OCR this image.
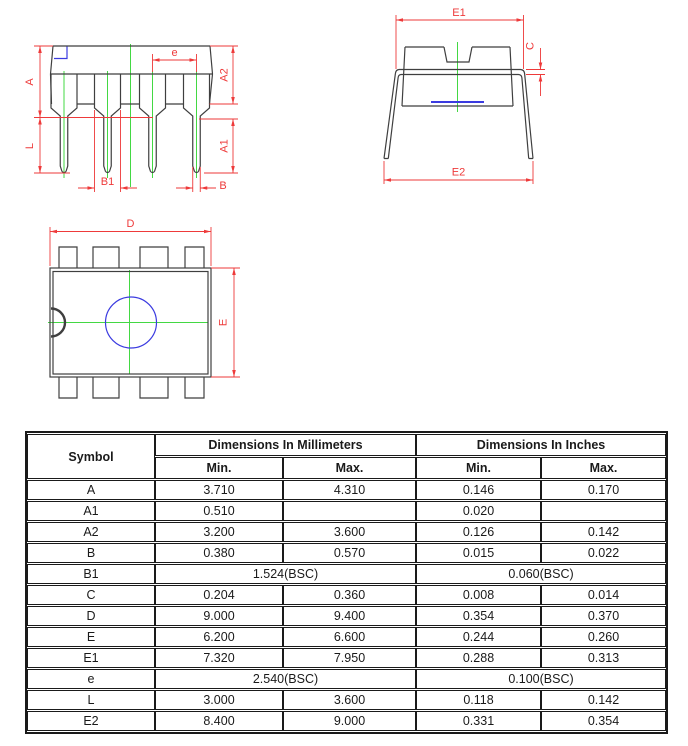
A
L
e
A2
A1
B1	B
E1
C
E2
D
E
Symbol	Dimensions In Millimeters		Dimensions In Inches	
	Min.	Max.	Min.	Max.
A	3.710	4.310	0.146	0.170
A1	0.510		0.020	
A2	3.200	3.600	0.126	0.142
B	0.380	0.570	0.015	0.022
B1	1.524(BSC)		0.060(BSC)	
C	0.204	0.360	0.008	0.014
D	9.000	9.400	0.354	0.370
E	6.200	6.600	0.244	0.260
E1	7.320	7.950	0.288	0.313
e	2.540(BSC)		0.100(BSC)	
L	3.000	3.600	0.118	0.142
E2	8.400	9.000	0.331	0.354
